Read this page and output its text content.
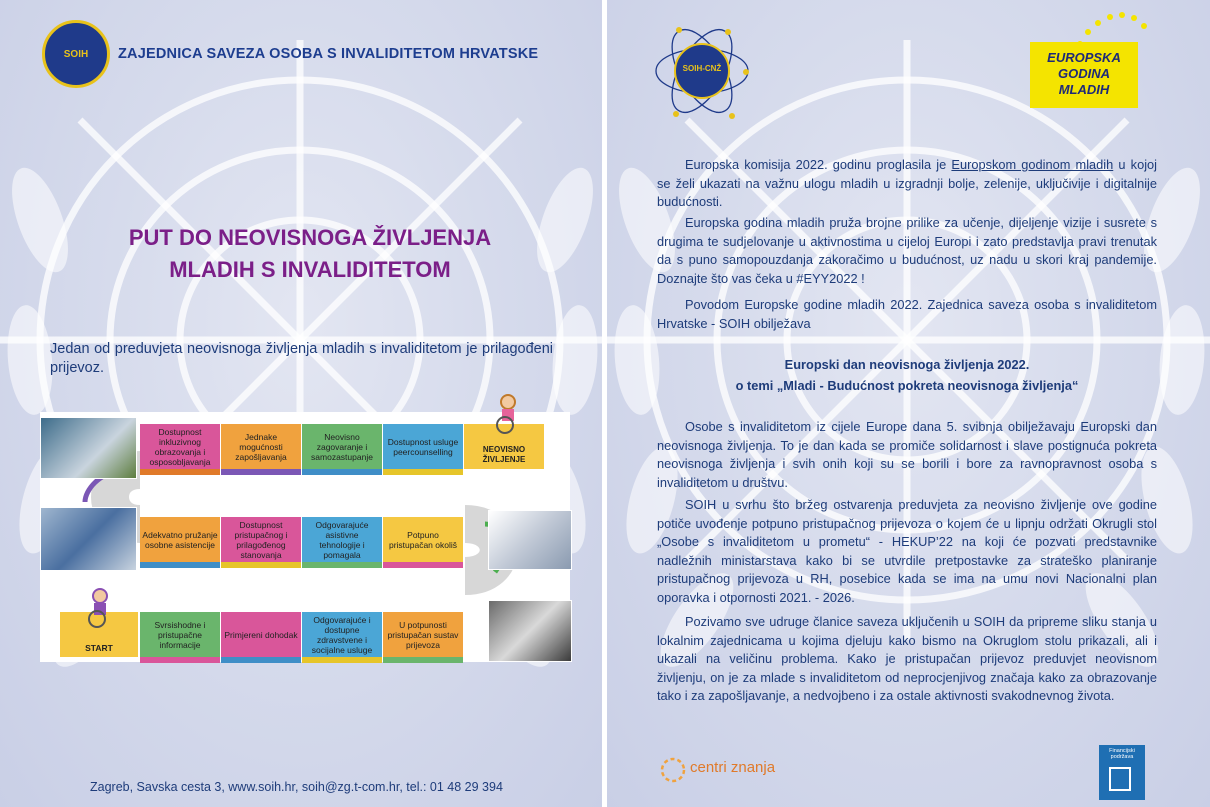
SOIH ZAJEDNICA SAVEZA OSOBA S INVALIDITETOM HRVATSKE
PUT DO NEOVISNOGA ŽIVLJENJA
MLADIH S INVALIDITETOM
Jedan od preduvjeta neovisnoga življenja mladih s invaliditetom je prilagođeni prijevoz.
Dostupnost inkluzivnog obrazovanja i osposobljavanja
Jednake mogućnosti zapošljavanja
Neovisno zagovaranje i samozastupanje
Dostupnost usluge peercounselling	NEOVISNO ŽIVLJENJE
Adekvatno pružanje osobne asistencije
Dostupnost pristupačnog i prilagođenog stanovanja
Odgovarajuće asistivne tehnologije i pomagala
Potpuno pristupačan okoliš
START
Svrsishodne i pristupačne informacije
Primjereni dohodak
Odgovarajuće i dostupne zdravstvene i socijalne usluge
U potpunosti pristupačan sustav prijevoza
Zagreb, Savska cesta 3, www.soih.hr, soih@zg.t-com.hr, tel.: 01 48 29 394
SOIH-CNŽ
EUROPSKA
GODINA
MLADIH
Europska komisija 2022. godinu proglasila je Europskom godinom mladih u kojoj se želi ukazati na važnu ulogu mladih u izgradnji bolje, zelenije, uključivije i digitalnije budućnosti.
Europska godina mladih pruža brojne prilike za učenje, dijeljenje vizije i susrete s drugima te sudjelovanje u aktivnostima u cijeloj Europi i zato predstavlja pravi trenutak da s puno samopouzdanja zakoračimo u budućnost, uz nadu u skori kraj pandemije. Doznajte što vas čeka u #EYY2022 !
Povodom Europske godine mladih 2022. Zajednica saveza osoba s invaliditetom Hrvatske - SOIH obilježava
Europski dan neovisnoga življenja 2022.
o temi „Mladi - Budućnost pokreta neovisnoga življenja“
Osobe s invaliditetom iz cijele Europe dana 5. svibnja obilježavaju Europski dan neovisnoga življenja. To je dan kada se promiče solidarnost i slave postignuća pokreta neovisnoga življenja i svih onih koji su se borili i bore za ravnopravnost osoba s invaliditetom u društvu.
SOIH u svrhu što bržeg ostvarenja preduvjeta za neovisno življenje ove godine potiče uvođenje potpuno pristupačnog prijevoza o kojem će u lipnju održati Okrugli stol „Osobe s invaliditetom u prometu“ - HEKUP’22 na koji će pozvati predstavnike nadležnih ministarstava kako bi se utvrdile pretpostavke za strateško planiranje pristupačnog prijevoza u RH, posebice kada se ima na umu novi Nacionalni plan oporavka i otpornosti 2021. - 2026.
Pozivamo sve udruge članice saveza uključenih u SOIH da pripreme sliku stanja u lokalnim zajednicama u kojima djeluju kako bismo na Okruglom stolu prikazali, ali i ukazali na veličinu problema. Kako je pristupačan prijevoz preduvjet neovisnom življenju, on je za mlade s invaliditetom od neprocjenjivog značaja kako za obrazovanje tako i za zapošljavanje, a nedvojbeno i za ostale aktivnosti svakodnevnog života.
centri znanja
Financijski podržava
